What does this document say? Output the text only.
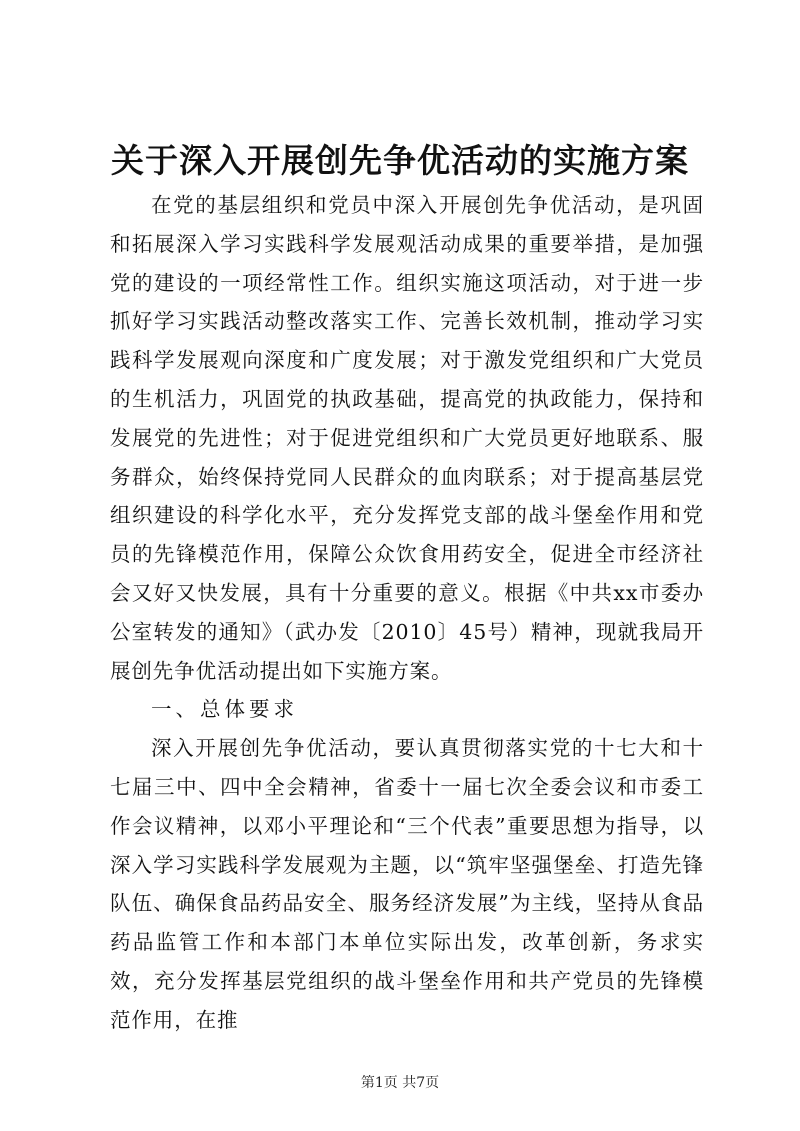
关于深入开展创先争优活动的实施方案

在党的基层组织和党员中深入开展创先争优活动，是巩固和拓展深入学习实践科学发展观活动成果的重要举措，是加强党的建设的一项经常性工作。组织实施这项活动，对于进一步抓好学习实践活动整改落实工作、完善长效机制，推动学习实践科学发展观向深度和广度发展；对于激发党组织和广大党员的生机活力，巩固党的执政基础，提高党的执政能力，保持和发展党的先进性；对于促进党组织和广大党员更好地联系、服务群众，始终保持党同人民群众的血肉联系；对于提高基层党组织建设的科学化水平，充分发挥党支部的战斗堡垒作用和党员的先锋模范作用，保障公众饮食用药安全，促进全市经济社会又好又快发展，具有十分重要的意义。根据《中共xx市委办公室转发的通知》（武办发〔2010〕45号）精神，现就我局开展创先争优活动提出如下实施方案。

一、总体要求

深入开展创先争优活动，要认真贯彻落实党的十七大和十七届三中、四中全会精神，省委十一届七次全委会议和市委工作会议精神，以邓小平理论和“三个代表”重要思想为指导，以深入学习实践科学发展观为主题，以“筑牢坚强堡垒、打造先锋队伍、确保食品药品安全、服务经济发展”为主线，坚持从食品药品监管工作和本部门本单位实际出发，改革创新，务求实效，充分发挥基层党组织的战斗堡垒作用和共产党员的先锋模范作用，在推

第1页 共7页
